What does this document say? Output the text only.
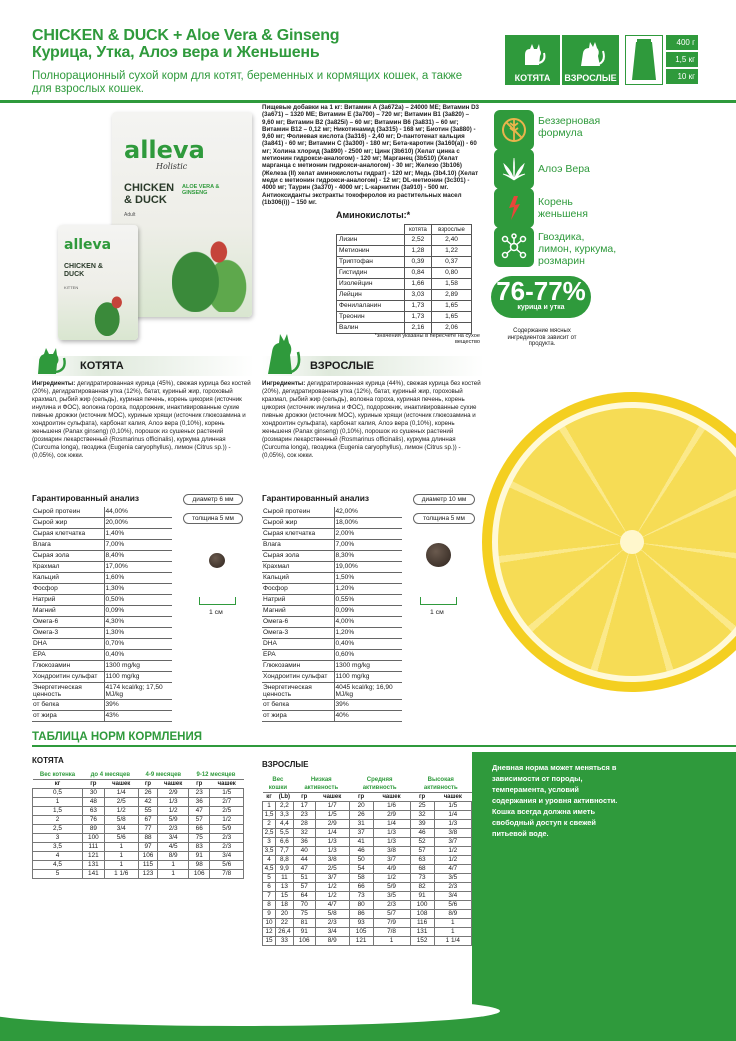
CHICKEN & DUCK + Aloe Vera & Ginseng
Курица, Утка, Алоэ вера и Женьшень
Полнорационный сухой корм для котят, беременных и кормящих кошек, а также для взрослых кошек.
КОТЯТА	ВЗРОСЛЫЕ
400 г
1,5 кг
10 кг
alleva
Holistic
CHICKEN & DUCK
ALOE VERA & GINSENG
Adult
alleva
CHICKEN & DUCK
KITTEN
Пищевые добавки на 1 кг: Витамин А (3а672а) – 24000 МЕ; Витамин D3 (3а671) – 1320 МЕ; Витамин Е (3а700) – 720 мг; Витамин В1 (3а820) – 9,60 мг; Витамин В2 (3а825i) – 60 мг; Витамин В6 (3а831) – 60 мг; Витамин В12 – 0,12 мг; Никотинамид (3а315) - 168 мг; Биотин (3а880) - 9,60 мг; Фолиевая кислота (3а316) - 2,40 мг; D-пантотенат кальция (3а841) - 60 мг; Витамин С (3а300) - 180 мг; Бета-каротин (3а160(а)) - 60 мг; Холина хлорид (3а890) - 2500 мг; Цинк (3b610) (Хелат цинка с метионин гидрокси-аналогом) - 120 мг; Марганец (3b510) (Хелат марганца с метионин гидрокси-аналогом) - 30 мг; Железо (3b106) (Железа (II) хелат аминокислоты гидрат) - 120 мг; Медь (3b4.10) (Хелат меди с метионин гидрокси-аналогом) - 12 мг; DL-метионин (3c301) - 4000 мг; Таурин (3а370) - 4000 мг; L-карнитин (3а910) - 500 мг. Антиоксиданты экстракты токоферолов из растительных масел (1b306(i)) – 150 мг.
Аминокислоты:*
	котята	взрослые
Лизин	2,52	2,40
Метионин	1,28	1,22
Триптофан	0,39	0,37
Гистидин	0,84	0,80
Изолейцин	1,66	1,58
Лейцин	3,03	2,89
Фенилаланин	1,73	1,65
Треонин	1,73	1,65
Валин	2,16	2,06
*значения указаны в пересчете на сухое вещество
Беззерновая формула
Алоэ Вера
Корень женьшеня
Гвоздика, лимон, куркума, розмарин
76-77%
курица и утка
Содержание мясных ингредиентов зависит от продукта.
КОТЯТА	ВЗРОСЛЫЕ
Ингредиенты: дегидратированная курица (45%), свежая курица без костей (20%), дегидратированная утка (12%), батат, куриный жир, гороховый крахмал, рыбий жир (сельдь), куриная печень, корень цикория (источник инулина и ФОС), волокна гороха, подорожник, инактивированные сухие пивные дрожжи (источник MOC), куриные хрящи (источник глюкозамина и хондроитин сульфата), карбонат калия, Алоэ вера (0,10%), корень женьшеня (Panax ginseng) (0,10%), порошок из сушеных растений (розмарин лекарственный (Rosmarinus officinalis), куркума длинная (Curcuma longa), гвоздика (Eugenia caryophyllus), лимон (Citrus sp.)) - (0,05%), сок юкки.
Ингредиенты: дегидратированная курица (44%), свежая курица без костей (20%), дегидратированная утка (12%), батат, куриный жир, гороховый крахмал, рыбий жир (сельдь), волокна гороха, куриная печень, корень цикория (источник инулина и ФОС), подорожник, инактивированные сухие пивные дрожжи (источник MOC), куриные хрящи (источник глюкозамина и хондроитин сульфата), карбонат калия, Алоэ вера (0,10%), корень женьшеня (Panax ginseng) (0,10%), порошок из сушеных растений (розмарин лекарственный (Rosmarinus officinalis), куркума длинная (Curcuma longa), гвоздика (Eugenia caryophyllus), лимон (Citrus sp.)) - (0,05%), сок юкки.
Гарантированный анализ
Сырой протеин	44,00%
Сырой жир	20,00%
Сырая клетчатка	1,40%
Влага	7,00%
Сырая зола	8,40%
Крахмал	17,00%
Кальций	1,60%
Фосфор	1,30%
Натрий	0,50%
Магний	0,09%
Омега-6	4,30%
Омега-3	1,30%
DHA	0,70%
EPA	0,40%
Глюкозамин	1300 mg/kg
Хондроитин сульфат	1100 mg/kg
Энергетическая ценность	4174 kcal/kg; 17,50 MJ/kg
от белка	39%
от жира	43%
диаметр 6 мм
толщина 5 мм
1 см
Гарантированный анализ
Сырой протеин	42,00%
Сырой жир	18,00%
Сырая клетчатка	2,00%
Влага	7,00%
Сырая зола	8,30%
Крахмал	19,00%
Кальций	1,50%
Фосфор	1,20%
Натрий	0,55%
Магний	0,09%
Омега-6	4,00%
Омега-3	1,20%
DHA	0,40%
EPA	0,60%
Глюкозамин	1300 mg/kg
Хондроитин сульфат	1100 mg/kg
Энергетическая ценность	4045 kcal/kg; 16,90 MJ/kg
от белка	39%
от жира	40%
диаметр 10 мм
толщина 5 мм
1 см
ТАБЛИЦА НОРМ КОРМЛЕНИЯ
КОТЯТА
Вес котенка	до 4 месяцев		4-9 месяцев		9-12 месяцев	
кг	гр	чашек	гр	чашек	гр	чашек
0,5	30	1/4	26	2/9	23	1/5
1	48	2/5	42	1/3	36	2/7
1,5	63	1/2	55	1/2	47	2/5
2	76	5/8	67	5/9	57	1/2
2,5	89	3/4	77	2/3	66	5/9
3	100	5/6	88	3/4	75	2/3
3,5	111	1	97	4/5	83	2/3
4	121	1	106	8/9	91	3/4
4,5	131	1	115	1	98	5/6
5	141	1 1/6	123	1	106	7/8
ВЗРОСЛЫЕ
Вес кошки		Низкая активность		Средняя активность		Высокая активность	
кг	(Lb)	гр	чашек	гр	чашек	гр	чашек
1	2,2	17	1/7	20	1/6	25	1/5
1,5	3,3	23	1/5	26	2/9	32	1/4
2	4,4	28	2/9	31	1/4	39	1/3
2,5	5,5	32	1/4	37	1/3	46	3/8
3	6,6	36	1/3	41	1/3	52	3/7
3,5	7,7	40	1/3	46	3/8	57	1/2
4	8,8	44	3/8	50	3/7	63	1/2
4,5	9,9	47	2/5	54	4/9	68	4/7
5	11	51	3/7	58	1/2	73	3/5
6	13	57	1/2	66	5/9	82	2/3
7	15	64	1/2	73	3/5	91	3/4
8	18	70	4/7	80	2/3	100	5/6
9	20	75	5/8	86	5/7	108	8/9
10	22	81	2/3	93	7/9	116	1
12	26,4	91	3/4	105	7/8	131	1
15	33	106	8/9	121	1	152	1 1/4

Дневная норма может меняться в зависимости от породы, темперамента, условий содержания и уровня активности. Кошка всегда должна иметь свободный доступ к свежей питьевой воде.
